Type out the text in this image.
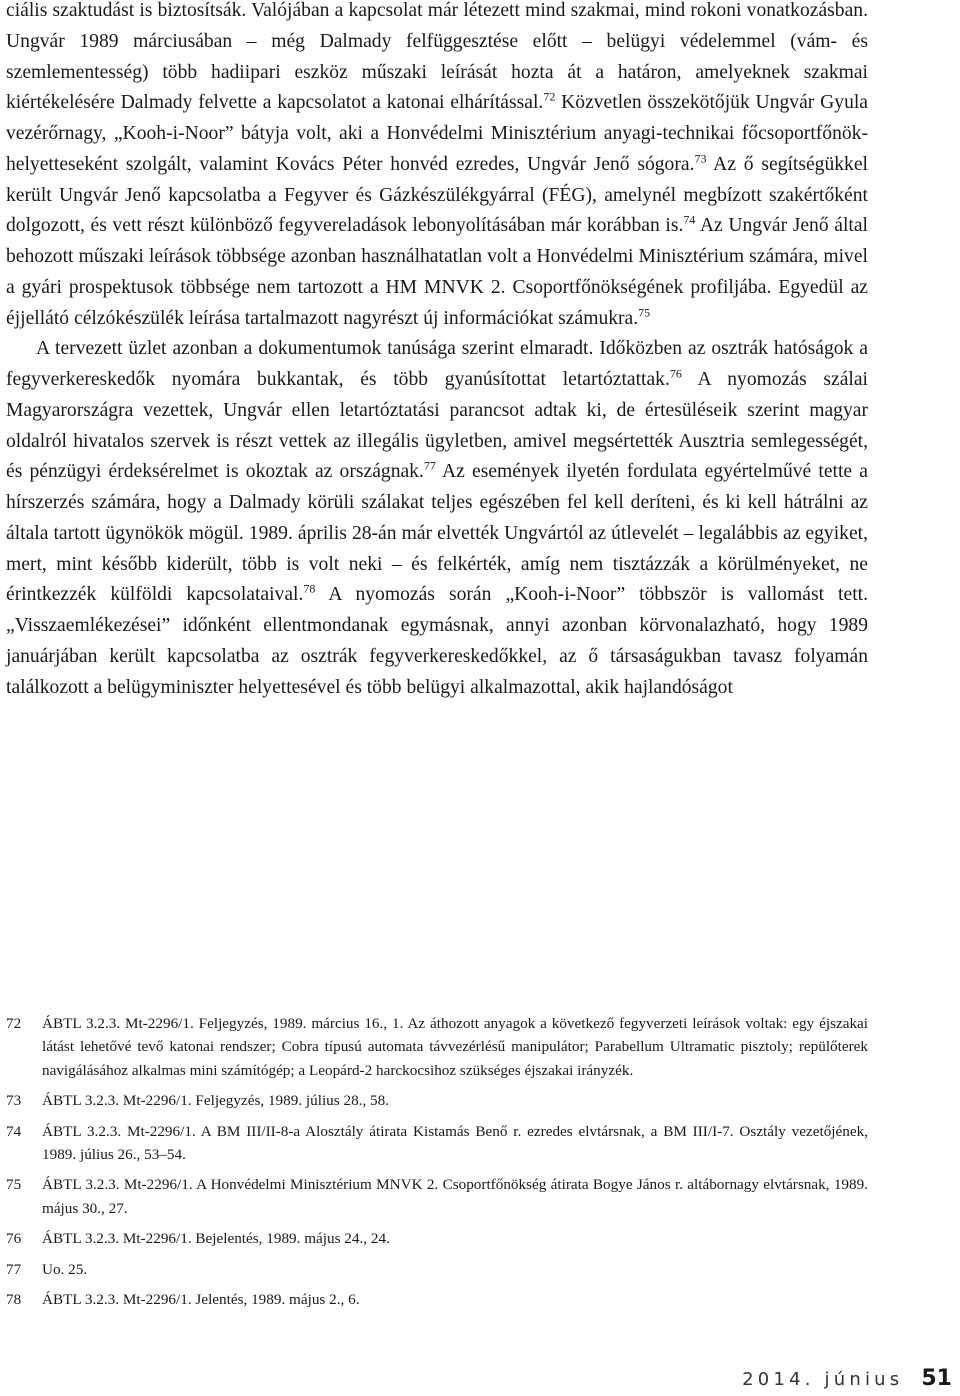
ciális szaktudást is biztosítsák. Valójában a kapcsolat már létezett mind szakmai, mind rokoni vonatkozásban. Ungvár 1989 márciusában – még Dalmady felfüggesztése előtt – belügyi védelemmel (vám- és szemlementesség) több hadiipari eszköz műszaki leírását hozta át a határon, amelyeknek szakmai kiértékelésére Dalmady felvette a kapcsolatot a katonai elhárítással.$^{72}$ Közvetlen összekötőjük Ungvár Gyula vezérőrnagy, „Kooh-i-Noor” bátyja volt, aki a Honvédelmi Minisztérium anyagi-technikai főcsoportfőnök-helyetteseként szolgált, valamint Kovács Péter honvéd ezredes, Ungvár Jenő sógora.$^{73}$ Az ő segítségükkel került Ungvár Jenő kapcsolatba a Fegyver és Gázkészülékgyárral (FÉG), amelynél megbízott szakértőként dolgozott, és vett részt különböző fegyvereladások lebonyolításában már korábban is.$^{74}$ Az Ungvár Jenő által behozott műszaki leírások többsége azonban használhatatlan volt a Honvédelmi Minisztérium számára, mivel a gyári prospektusok többsége nem tartozott a HM MNVK 2. Csoportfőnökségének profiljába. Egyedül az éjjellátó célzókészülék leírása tartalmazott nagyrészt új információkat számukra.$^{75}$

A tervezett üzlet azonban a dokumentumok tanúsága szerint elmaradt. Időközben az osztrák hatóságok a fegyverkereskedők nyomára bukkantak, és több gyanúsítottat letartóztattak.$^{76}$ A nyomozás szálai Magyarországra vezettek, Ungvár ellen letartóztatási parancsot adtak ki, de értesüléseik szerint magyar oldalról hivatalos szervek is részt vettek az illegális ügyletben, amivel megsértették Ausztria semlegességét, és pénzügyi érdeksérelmet is okoztak az országnak.$^{77}$ Az események ilyetén fordulata egyértelművé tette a hírszerzés számára, hogy a Dalmady körüli szálakat teljes egészében fel kell deríteni, és ki kell hátrálni az általa tartott ügynökök mögül. 1989. április 28-án már elvették Ungvártól az útlevelét – legalábbis az egyiket, mert, mint később kiderült, több is volt neki – és felkérték, amíg nem tisztázzák a körülményeket, ne érintkezzék külföldi kapcsolataival.$^{78}$ A nyomozás során „Kooh-i-Noor” többször is vallomást tett. „Visszaemlékezései” időnként ellentmondanak egymásnak, annyi azonban körvonalazható, hogy 1989 januárjában került kapcsolatba az osztrák fegyverkereskedőkkel, az ő társaságukban tavasz folyamán találkozott a belügyminiszter helyettesével és több belügyi alkalmazottal, akik hajlandóságot

72	ÁBTL 3.2.3. Mt-2296/1. Feljegyzés, 1989. március 16., 1. Az áthozott anyagok a következő fegyverzeti leírások voltak: egy éjszakai látást lehetővé tevő katonai rendszer; Cobra típusú automata távvezérlésű manipulátor; Parabellum Ultramatic pisztoly; repülőterek navigálásához alkalmas mini számítógép; a Leopárd-2 harckocsihoz szükséges éjszakai irányzék.
73	ÁBTL 3.2.3. Mt-2296/1. Feljegyzés, 1989. július 28., 58.
74	ÁBTL 3.2.3. Mt-2296/1. A BM III/II-8-a Alosztály átirata Kistamás Benő r. ezredes elvtársnak, a BM III/I-7. Osztály vezetőjének, 1989. július 26., 53–54.
75	ÁBTL 3.2.3. Mt-2296/1. A Honvédelmi Minisztérium MNVK 2. Csoportfőnökség átirata Bogye János r. altábornagy elvtársnak, 1989. május 30., 27.
76	ÁBTL 3.2.3. Mt-2296/1. Bejelentés, 1989. május 24., 24.
77	Uo. 25.
78	ÁBTL 3.2.3. Mt-2296/1. Jelentés, 1989. május 2., 6.
2014. június 51
